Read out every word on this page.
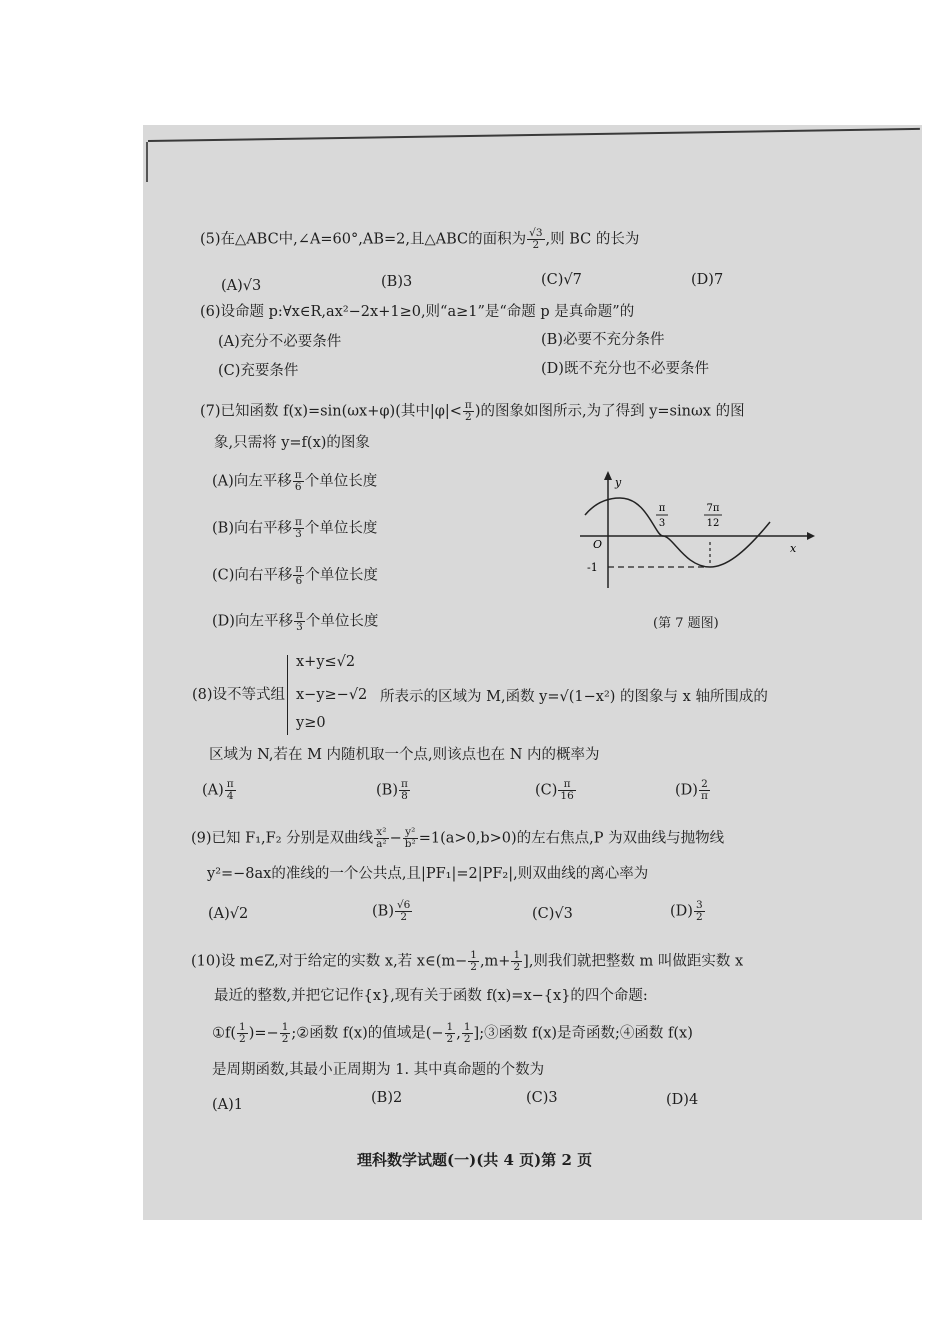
(5)在△ABC中,∠A=60°,AB=2,且△ABC的面积为 $\frac{√3}{2}$ ,则 BC 的长为
(A)√3	(B)3	(C)√7	(D)7
(6)设命题 p:∀x∈R,ax²−2x+1≥0,则“a≥1”是“命题 p 是真命题”的
(A)充分不必要条件	(B)必要不充分条件
(C)充要条件	(D)既不充分也不必要条件
(7)已知函数 f(x)=sin(ωx+φ)(其中$|\varphi|< \frac{\pi}{2}$ )的图象如图所示,为了得到 y=sinωx 的图
象,只需将 y=f(x)的图象
(A)向左平移 $\frac{\pi}{6}$ 个单位长度
(B)向右平移 $\frac{\pi}{3}$ 个单位长度
(C)向右平移 $\frac{\pi}{6}$ 个单位长度
(D)向左平移 $\frac{\pi}{3}$ 个单位长度
y
x
O
-1
π
3
7π
12
(第 7 题图)
(8)设不等式组
x+y≤√2
x−y≥−√2
y≥0
所表示的区域为 M,函数 y=√(1−x²) 的图象与 x 轴所围成的
区域为 N,若在 M 内随机取一个点,则该点也在 N 内的概率为
$(A) \frac{\pi}{4}$	$(B) \frac{\pi}{8}$	$(C) \frac{\pi}{16}$	$(D) \frac{2}{\pi}$
(9)已知 F₁,F₂ 分别是双曲线 $\frac{\text{x²}}{\text{a²}} - \frac{\text{y²}}{\text{b²}} =1(a>0,b>0)$的左右焦点,P 为双曲线与抛物线
y²=−8ax的准线的一个公共点,且|PF₁|=2|PF₂|,则双曲线的离心率为
(A)√2	$(B) \frac{√6}{2}$	(C)√3	$(D) \frac{3}{2}$
(10)设 m∈Z,对于给定的实数 x,若 x∈(m− $\frac{1}{2} ,m+ \frac{1}{2}$ ],则我们就把整数 m 叫做距实数 x
最近的整数,并把它记作{x},现有关于函数 f(x)=x−{x}的四个命题:
①f( $\frac{1}{2}$ )=− $\frac{1}{2}$ ;②函数 f(x)的值域是(− $\frac{1}{2}$ , $\frac{1}{2}$ ];③函数 f(x)是奇函数;④函数 f(x)
是周期函数,其最小正周期为 1. 其中真命题的个数为
(A)1	(B)2	(C)3	(D)4
理科数学试题(一)(共 4 页)第 2 页
